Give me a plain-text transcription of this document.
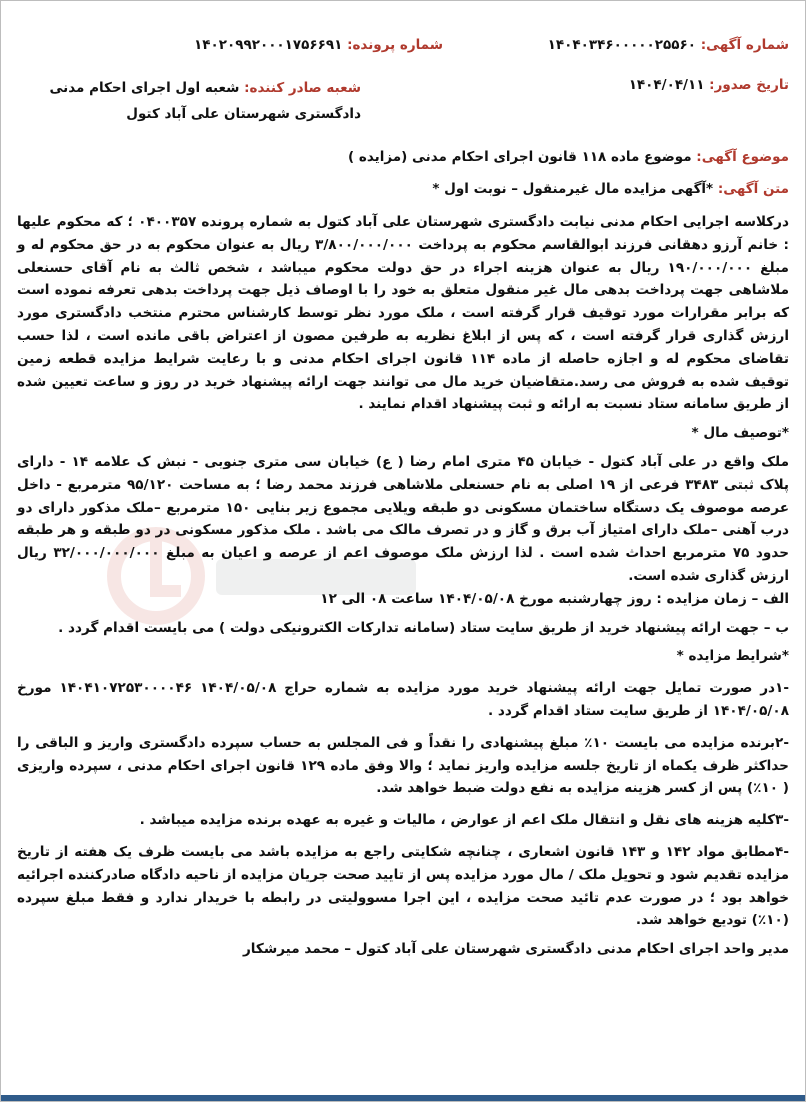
شماره آگهی: ۱۴۰۴۰۳۴۶۰۰۰۰۰۲۵۵۶۰
شماره پرونده: ۱۴۰۲۰۹۹۲۰۰۰۱۷۵۶۶۹۱
تاریخ صدور: ۱۴۰۴/۰۴/۱۱
شعبه صادر کننده: شعبه اول اجرای احکام مدنی دادگستری شهرستان علی آباد کتول
موضوع آگهی: موضوع ماده ۱۱۸ قانون اجرای احکام مدنی (مزایده )
متن آگهی: *آگهی مزایده مال غیرمنقول – نوبت اول *

درکلاسه اجرایی احکام مدنی نیابت دادگستری شهرستان علی آباد کتول به شماره پرونده ۰۴۰۰۳۵۷ ؛ که محکوم علیها : خانم آرزو دهقانی فرزند ابوالقاسم محکوم به پرداخت ۳/۸۰۰/۰۰۰/۰۰۰ ریال به عنوان محکوم به در حق محکوم له و مبلغ ۱۹۰/۰۰۰/۰۰۰ ریال به عنوان هزینه اجراء در حق دولت محکوم میباشد ، شخص ثالث به نام آقای حسنعلی ملاشاهی جهت پرداخت بدهی مال غیر منقول متعلق به خود را با اوصاف ذیل جهت پرداخت بدهی تعرفه نموده است که برابر مقرارات مورد توقیف قرار گرفته است ، ملک مورد نظر توسط کارشناس محترم منتخب دادگستری مورد ارزش گذاری قرار گرفته است ، که پس از ابلاغ نظریه به طرفین مصون از اعتراض باقی مانده است ، لذا حسب تقاضای محکوم له و اجازه حاصله از ماده ۱۱۴ قانون اجرای احکام مدنی و با رعایت شرایط مزایده قطعه زمین توقیف شده به فروش می رسد.متقاضیان خرید مال می توانند جهت ارائه پیشنهاد خرید در روز و ساعت تعیین شده از طریق سامانه ستاد نسبت به ارائه و ثبت پیشنهاد اقدام نمایند .

*توصیف مال *

ملک واقع در علی آباد کتول - خیابان ۴۵ متری امام رضا ( ع) خیابان سی متری جنوبی - نبش ک علامه ۱۴ - دارای پلاک ثبتی ۳۴۸۳ فرعی از ۱۹ اصلی به نام حسنعلی ملاشاهی فرزند محمد رضا ؛ به مساحت ۹۵/۱۲۰ مترمربع - داخل عرصه موصوف یک دستگاه ساختمان مسکونی دو طبقه ویلایی مجموع زیر بنایی ۱۵۰ مترمربع –ملک مذکور دارای دو درب آهنی –ملک دارای امتیاز آب برق و گاز و در تصرف مالک می باشد . ملک مذکور مسکونی در دو طبقه و هر طبقه حدود ۷۵ مترمربع احداث شده است . لذا ارزش ملک موصوف اعم از عرصه و اعیان به مبلغ ۳۲/۰۰۰/۰۰۰/۰۰۰ ریال ارزش گذاری شده است.

الف – زمان مزایده : روز چهارشنبه مورخ ۱۴۰۴/۰۵/۰۸ ساعت ۰۸ الی ۱۲

ب – جهت ارائه پیشنهاد خرید از طریق سایت ستاد (سامانه تدارکات الکترونیکی دولت ) می بایست اقدام گردد .

*شرایط مزایده *

-۱در صورت تمایل جهت ارائه پیشنهاد خرید مورد مزایده به شماره حراج ۱۴۰۴/۰۵/۰۸ ۱۴۰۴۱۰۷۲۵۳۰۰۰۰۴۶ مورخ ۱۴۰۴/۰۵/۰۸ از طریق سایت ستاد اقدام گردد .

-۲برنده مزایده می بایست ۱۰٪ مبلغ پیشنهادی را نقداً و فی المجلس به حساب سپرده دادگستری واریز و الباقی را حداکثر ظرف یکماه از تاریخ جلسه مزایده واریز نماید ؛ والا وفق ماده ۱۲۹ قانون اجرای احکام مدنی ، سپرده واریزی ( ۱۰٪) پس از کسر هزینه مزایده به نفع دولت ضبط خواهد شد.

-۳کلیه هزینه های نقل و انتقال ملک اعم از عوارض ، مالیات و غیره به عهده برنده مزایده میباشد .

-۴مطابق مواد ۱۴۲ و ۱۴۳ قانون اشعاری ، چنانچه شکایتی راجع به مزایده باشد می بایست ظرف یک هفته از تاریخ مزایده تقدیم شود و تحویل ملک / مال مورد مزایده پس از تایید صحت جریان مزایده از ناحیه دادگاه صادرکننده اجرائیه خواهد بود ؛ در صورت عدم تائید صحت مزایده ، این اجرا مسوولیتی در رابطه با خریدار ندارد و فقط مبلغ سپرده (۱۰٪) تودیع خواهد شد.

مدیر واحد اجرای احکام مدنی دادگستری شهرستان علی آباد کتول – محمد میرشکار
